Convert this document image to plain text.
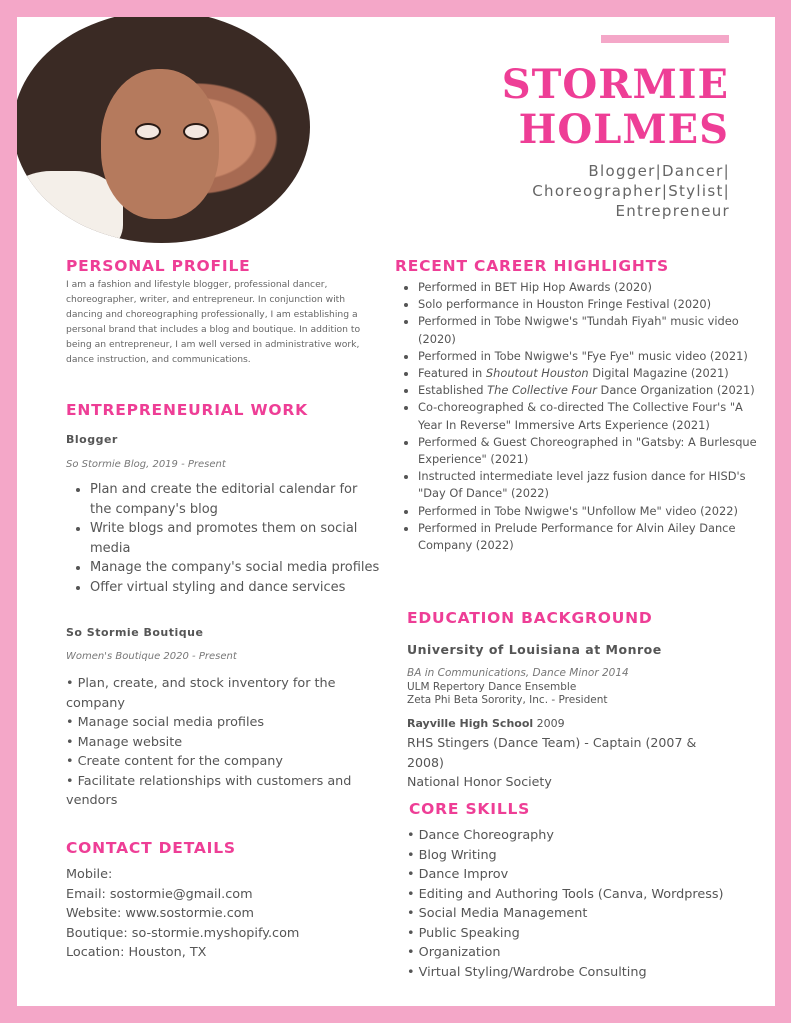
STORMIE
HOLMES
Blogger|Dancer|
Choreographer|Stylist|
Entrepreneur
PERSONAL PROFILE

I am a fashion and lifestyle blogger, professional dancer, choreographer, writer, and entrepreneur. In conjunction with dancing and choreographing professionally, I am establishing a personal brand that includes a blog and boutique. In addition to being an entrepreneur, I am well versed in administrative work, dance instruction, and communications.

ENTREPRENEURIAL WORK
Blogger
So Stormie Blog, 2019 - Present
• Plan and create the editorial calendar for the company's blog
• Write blogs and promotes them on social media
• Manage the company's social media profiles
• Offer virtual styling and dance services
So Stormie Boutique
Women's Boutique 2020 - Present
• Plan, create, and stock inventory for the company
• Manage social media profiles
• Manage website
• Create content for the company
• Facilitate relationships with customers and vendors
CONTACT DETAILS
Mobile:
Email: sostormie@gmail.com
Website: www.sostormie.com
Boutique: so-stormie.myshopify.com
Location: Houston, TX
RECENT CAREER HIGHLIGHTS
• Performed in BET Hip Hop Awards (2020)
• Solo performance in Houston Fringe Festival (2020)
• Performed in Tobe Nwigwe's "Tundah Fiyah" music video (2020)
• Performed in Tobe Nwigwe's "Fye Fye" music video (2021)
• Featured in Shoutout Houston Digital Magazine (2021)
• Established The Collective Four Dance Organization (2021)
• Co-choreographed & co-directed The Collective Four's "A Year In Reverse" Immersive Arts Experience (2021)
• Performed & Guest Choreographed in "Gatsby: A Burlesque Experience" (2021)
• Instructed intermediate level jazz fusion dance for HISD's "Day Of Dance" (2022)
• Performed in Tobe Nwigwe's "Unfollow Me" video (2022)
• Performed in Prelude Performance for Alvin Ailey Dance Company (2022)
EDUCATION BACKGROUND
University of Louisiana at Monroe
BA in Communications, Dance Minor 2014
ULM Repertory Dance Ensemble
Zeta Phi Beta Sorority, Inc. - President
Rayville High School 2009
RHS Stingers (Dance Team) - Captain (2007 & 2008)
National Honor Society
CORE SKILLS
• Dance Choreography
• Blog Writing
• Dance Improv
• Editing and Authoring Tools (Canva, Wordpress)
• Social Media Management
• Public Speaking
• Organization
• Virtual Styling/Wardrobe Consulting
